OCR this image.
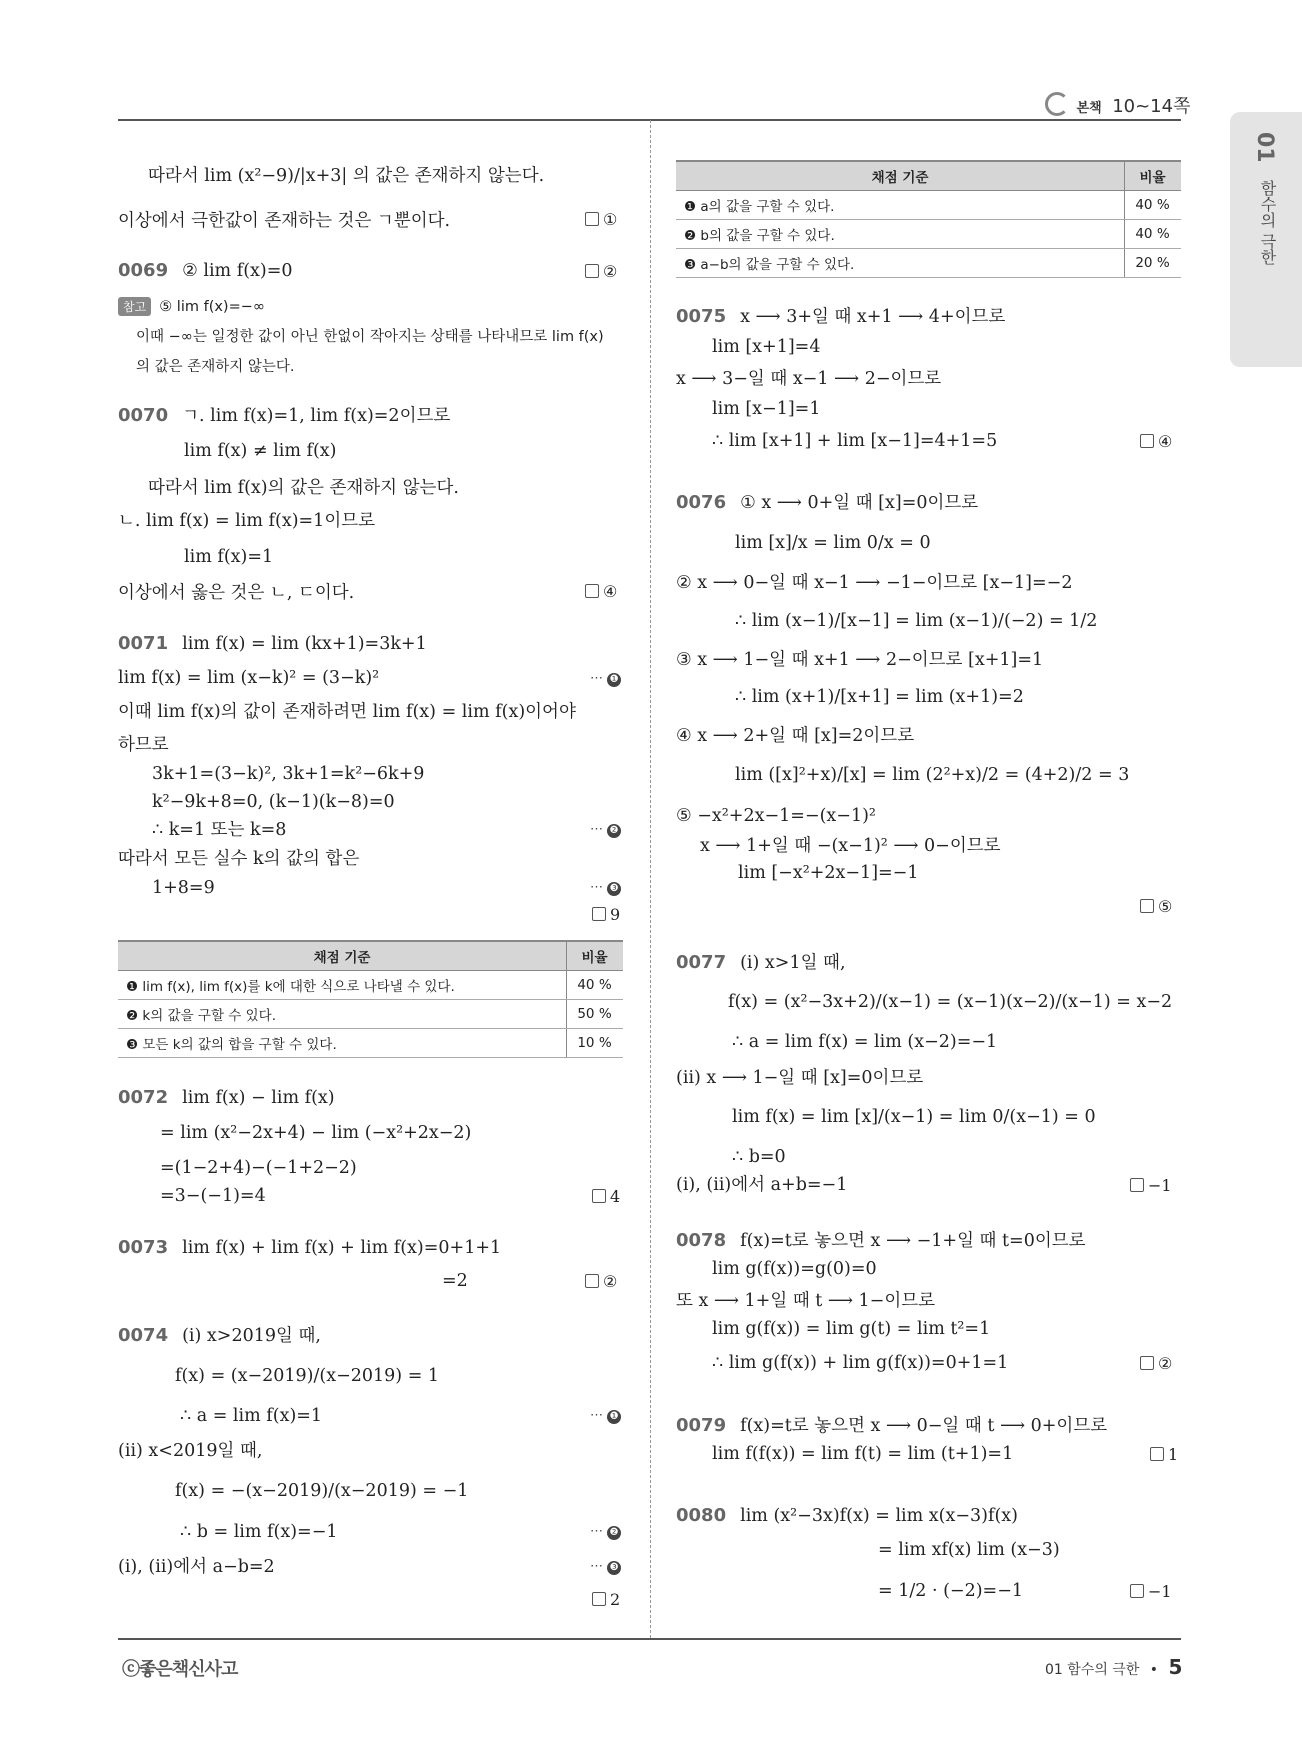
본책 10~14쪽
01
함수의 극한
따라서 lim (x²−9)/|x+3| 의 값은 존재하지 않는다.
이상에서 극한값이 존재하는 것은 ㄱ뿐이다.	①
0069 ② lim f(x)=0	②
참고 ⑤ lim f(x)=−∞
이때 −∞는 일정한 값이 아닌 한없이 작아지는 상태를 나타내므로 lim f(x)
의 값은 존재하지 않는다.
0070 ㄱ. lim f(x)=1, lim f(x)=2이므로
lim f(x) ≠ lim f(x)
따라서 lim f(x)의 값은 존재하지 않는다.
ㄴ. lim f(x) = lim f(x)=1이므로
lim f(x)=1
이상에서 옳은 것은 ㄴ, ㄷ이다.	④
0071 lim f(x) = lim (kx+1)=3k+1
lim f(x) = lim (x−k)² = (3−k)²	⋯ ❶
이때 lim f(x)의 값이 존재하려면 lim f(x) = lim f(x)이어야
하므로
3k+1=(3−k)², 3k+1=k²−6k+9
k²−9k+8=0, (k−1)(k−8)=0
∴ k=1 또는 k=8	⋯ ❷
따라서 모든 실수 k의 값의 합은
1+8=9	⋯ ❸
9
채점 기준	비율
❶ lim f(x), lim f(x)를 k에 대한 식으로 나타낼 수 있다.	40 %
❷ k의 값을 구할 수 있다.	50 %
❸ 모든 k의 값의 합을 구할 수 있다.	10 %
0072 lim f(x) − lim f(x)
= lim (x²−2x+4) − lim (−x²+2x−2)
=(1−2+4)−(−1+2−2)
=3−(−1)=4	4
0073 lim f(x) + lim f(x) + lim f(x)=0+1+1
=2	②
0074 (ⅰ) x>2019일 때,
f(x) = (x−2019)/(x−2019) = 1
∴ a = lim f(x)=1	⋯ ❶
(ⅱ) x<2019일 때,
f(x) = −(x−2019)/(x−2019) = −1
∴ b = lim f(x)=−1	⋯ ❷
(ⅰ), (ⅱ)에서 a−b=2	⋯ ❸
2
채점 기준	비율
❶ a의 값을 구할 수 있다.	40 %
❷ b의 값을 구할 수 있다.	40 %
❸ a−b의 값을 구할 수 있다.	20 %
0075 x ⟶ 3+일 때 x+1 ⟶ 4+이므로
lim [x+1]=4
x ⟶ 3−일 때 x−1 ⟶ 2−이므로
lim [x−1]=1
∴ lim [x+1] + lim [x−1]=4+1=5	④
0076 ① x ⟶ 0+일 때 [x]=0이므로
lim [x]/x = lim 0/x = 0
② x ⟶ 0−일 때 x−1 ⟶ −1−이므로 [x−1]=−2
∴ lim (x−1)/[x−1] = lim (x−1)/(−2) = 1/2
③ x ⟶ 1−일 때 x+1 ⟶ 2−이므로 [x+1]=1
∴ lim (x+1)/[x+1] = lim (x+1)=2
④ x ⟶ 2+일 때 [x]=2이므로
lim ([x]²+x)/[x] = lim (2²+x)/2 = (4+2)/2 = 3
⑤ −x²+2x−1=−(x−1)²
x ⟶ 1+일 때 −(x−1)² ⟶ 0−이므로
lim [−x²+2x−1]=−1
⑤
0077 (ⅰ) x>1일 때,
f(x) = (x²−3x+2)/(x−1) = (x−1)(x−2)/(x−1) = x−2
∴ a = lim f(x) = lim (x−2)=−1
(ⅱ) x ⟶ 1−일 때 [x]=0이므로
lim f(x) = lim [x]/(x−1) = lim 0/(x−1) = 0
∴ b=0
(ⅰ), (ⅱ)에서 a+b=−1	−1
0078 f(x)=t로 놓으면 x ⟶ −1+일 때 t=0이므로
lim g(f(x))=g(0)=0
또 x ⟶ 1+일 때 t ⟶ 1−이므로
lim g(f(x)) = lim g(t) = lim t²=1
∴ lim g(f(x)) + lim g(f(x))=0+1=1	②
0079 f(x)=t로 놓으면 x ⟶ 0−일 때 t ⟶ 0+이므로
lim f(f(x)) = lim f(t) = lim (t+1)=1	1
0080 lim (x²−3x)f(x) = lim x(x−3)f(x)
= lim xf(x) lim (x−3)
= 1/2 · (−2)=−1	−1
ⓒ좋은책신사고	01 함수의 극한 • 5
